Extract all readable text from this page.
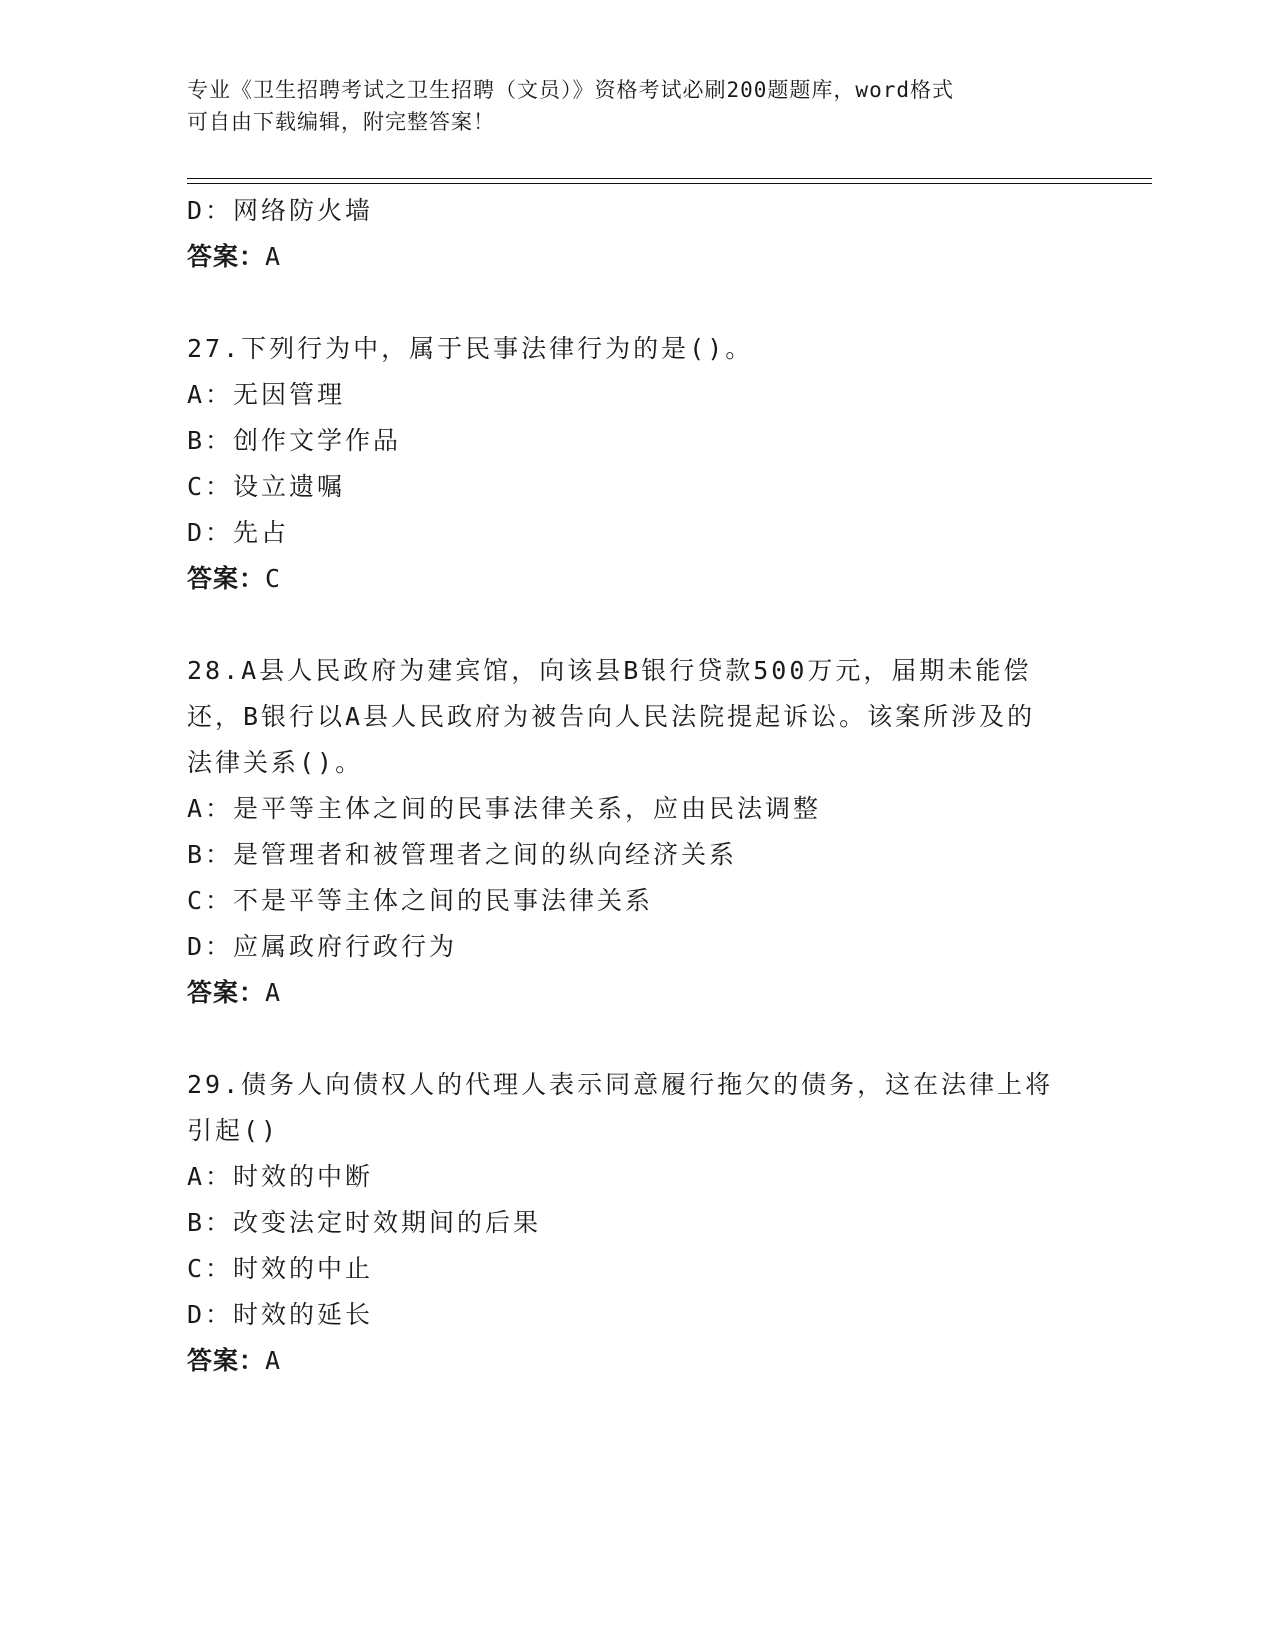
专业《卫生招聘考试之卫生招聘（文员）》资格考试必刷200题题库，word格式
可自由下载编辑，附完整答案！
D：网络防火墙
答案：A
27.下列行为中，属于民事法律行为的是()。
A：无因管理
B：创作文学作品
C：设立遗嘱
D：先占
答案：C
28.A县人民政府为建宾馆，向该县B银行贷款500万元，届期未能偿
还，B银行以A县人民政府为被告向人民法院提起诉讼。该案所涉及的
法律关系()。
A：是平等主体之间的民事法律关系，应由民法调整
B：是管理者和被管理者之间的纵向经济关系
C：不是平等主体之间的民事法律关系
D：应属政府行政行为
答案：A
29.债务人向债权人的代理人表示同意履行拖欠的债务，这在法律上将
引起()
A：时效的中断
B：改变法定时效期间的后果
C：时效的中止
D：时效的延长
答案：A
